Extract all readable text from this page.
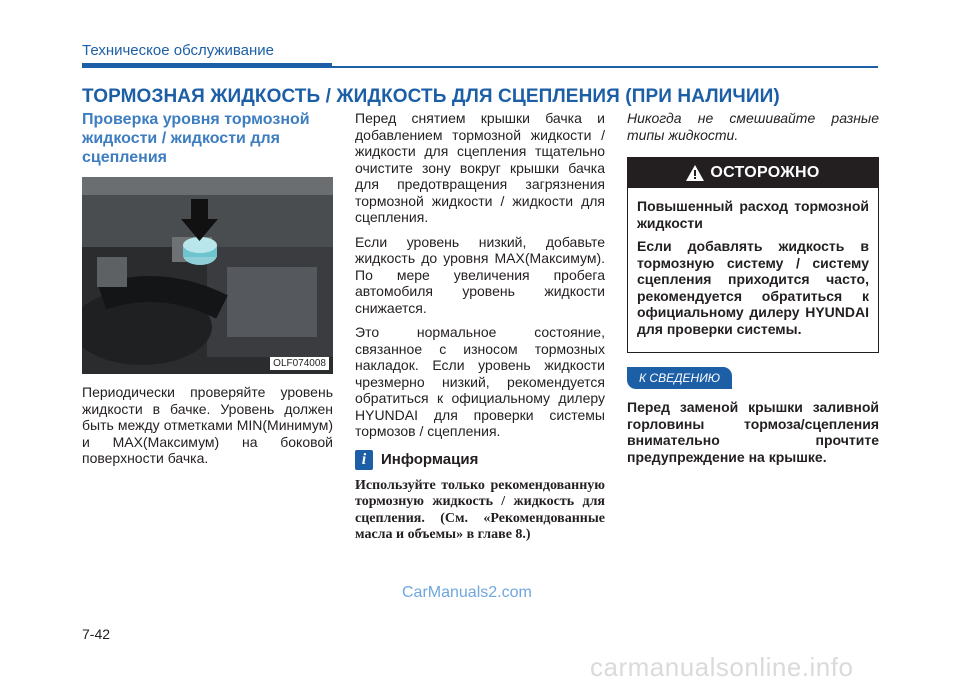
Техническое обслуживание
ТОРМОЗНАЯ ЖИДКОСТЬ / ЖИДКОСТЬ ДЛЯ СЦЕПЛЕНИЯ (ПРИ НАЛИЧИИ)
Проверка уровня тормозной жидкости / жидкости для сцепления
OLF074008

Периодически проверяйте уровень жидкости в бачке. Уровень должен быть между отметками MIN(Минимум) и MAX(Максимум) на боковой поверхности бачка.

Перед снятием крышки бачка и добавлением тормозной жидкости / жидкости для сцепления тщательно очистите зону вокруг крышки бачка для предотвращения загрязнения тормозной жидкости / жидкости для сцепления.

Если уровень низкий, добавьте жидкость до уровня MAX(Максимум). По мере увеличения пробега автомобиля уровень жидкости снижается.

Это нормальное состояние, связанное с износом тормозных накладок. Если уровень жидкости чрезмерно низкий, рекомендуется обратиться к официальному дилеру HYUNDAI для проверки системы тормозов / сцепления.

i Информация

Используйте только рекомендованную тормозную жидкость / жидкость для сцепления. (См. «Рекомендованные масла и объемы» в главе 8.)

Никогда не смешивайте разные типы жидкости.

ОСТОРОЖНО

Повышенный расход тормозной жидкости

Если добавлять жидкость в тормозную систему / систему сцепления приходится часто, рекомендуется обратиться к официальному дилеру HYUNDAI для проверки системы.

К СВЕДЕНИЮ

Перед заменой крышки заливной горловины тормоза/сцепления внимательно прочтите предупреждение на крышке.

CarManuals2.com
7-42
carmanualsonline.info
